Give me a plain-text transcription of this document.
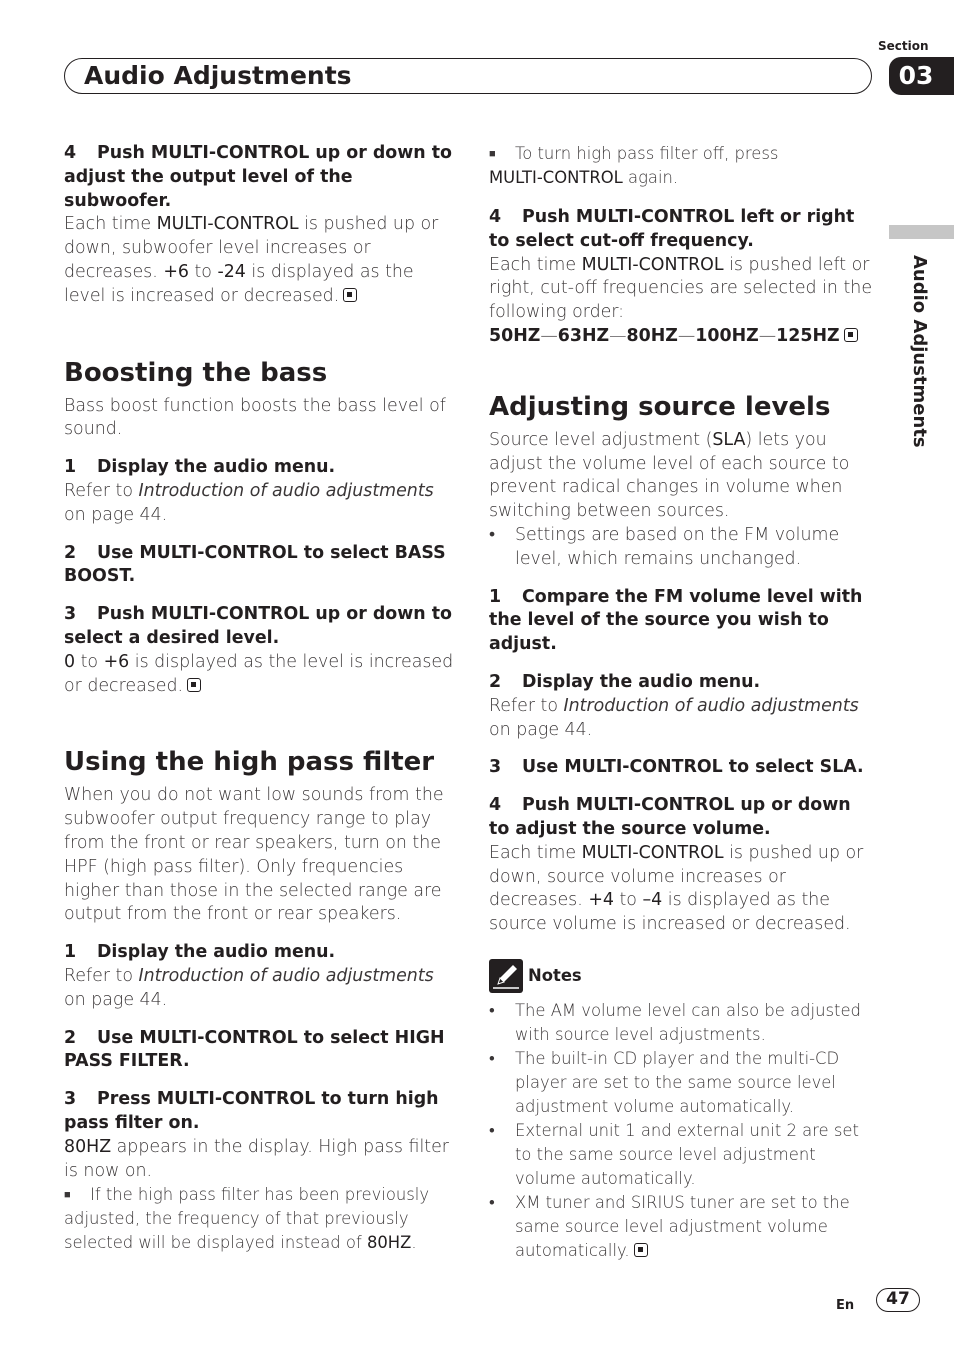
Section
Audio Adjustments	03
Audio Adjustments

4 Push MULTI-CONTROL up or down to adjust the output level of the subwoofer.

Each time MULTI-CONTROL is pushed up or down, subwoofer level increases or decreases. +6 to -24 is displayed as the level is increased or decreased.

Boosting the bass

Bass boost function boosts the bass level of sound.

1 Display the audio menu.

Refer to Introduction of audio adjustments on page 44.

2 Use MULTI-CONTROL to select BASS BOOST.

3 Push MULTI-CONTROL up or down to select a desired level.

0 to +6 is displayed as the level is increased or decreased.

Using the high pass filter

When you do not want low sounds from the subwoofer output frequency range to play from the front or rear speakers, turn on the HPF (high pass filter). Only frequencies higher than those in the selected range are output from the front or rear speakers.

1 Display the audio menu.

Refer to Introduction of audio adjustments on page 44.

2 Use MULTI-CONTROL to select HIGH PASS FILTER.

3 Press MULTI-CONTROL to turn high pass filter on.

80HZ appears in the display. High pass filter is now on.

■ If the high pass filter has been previously adjusted, the frequency of that previously selected will be displayed instead of 80HZ.

■ To turn high pass filter off, press
MULTI-CONTROL again.

4 Push MULTI-CONTROL left or right to select cut-off frequency.

Each time MULTI-CONTROL is pushed left or right, cut-off frequencies are selected in the following order:

50HZ—63HZ—80HZ—100HZ—125HZ

Adjusting source levels

Source level adjustment (SLA) lets you adjust the volume level of each source to prevent radical changes in volume when switching between sources.

• Settings are based on the FM volume level, which remains unchanged.

1 Compare the FM volume level with the level of the source you wish to adjust.

2 Display the audio menu.

Refer to Introduction of audio adjustments on page 44.

3 Use MULTI-CONTROL to select SLA.

4 Push MULTI-CONTROL up or down to adjust the source volume.

Each time MULTI-CONTROL is pushed up or down, source volume increases or decreases. +4 to –4 is displayed as the source volume is increased or decreased.

Notes
• The AM volume level can also be adjusted with source level adjustments.
• The built-in CD player and the multi-CD player are set to the same source level adjustment volume automatically.
• External unit 1 and external unit 2 are set to the same source level adjustment volume automatically.
• XM tuner and SIRIUS tuner are set to the same source level adjustment volume automatically.
En	47
